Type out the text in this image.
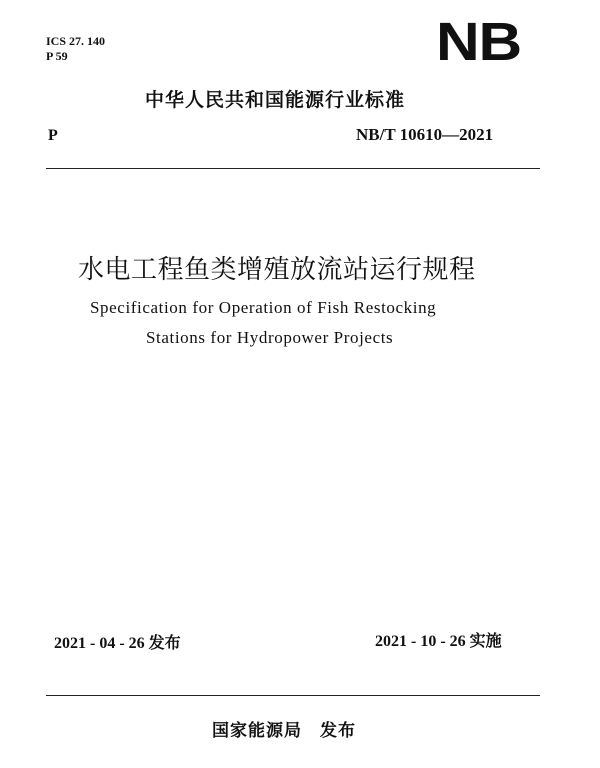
ICS 27. 140
P 59	NB
中华人民共和国能源行业标准
P	NB/T 10610—2021
水电工程鱼类增殖放流站运行规程
Specification for Operation of Fish Restocking
Stations for Hydropower Projects
2021 - 04 - 26 发布	2021 - 10 - 26 实施
国家能源局　发布
